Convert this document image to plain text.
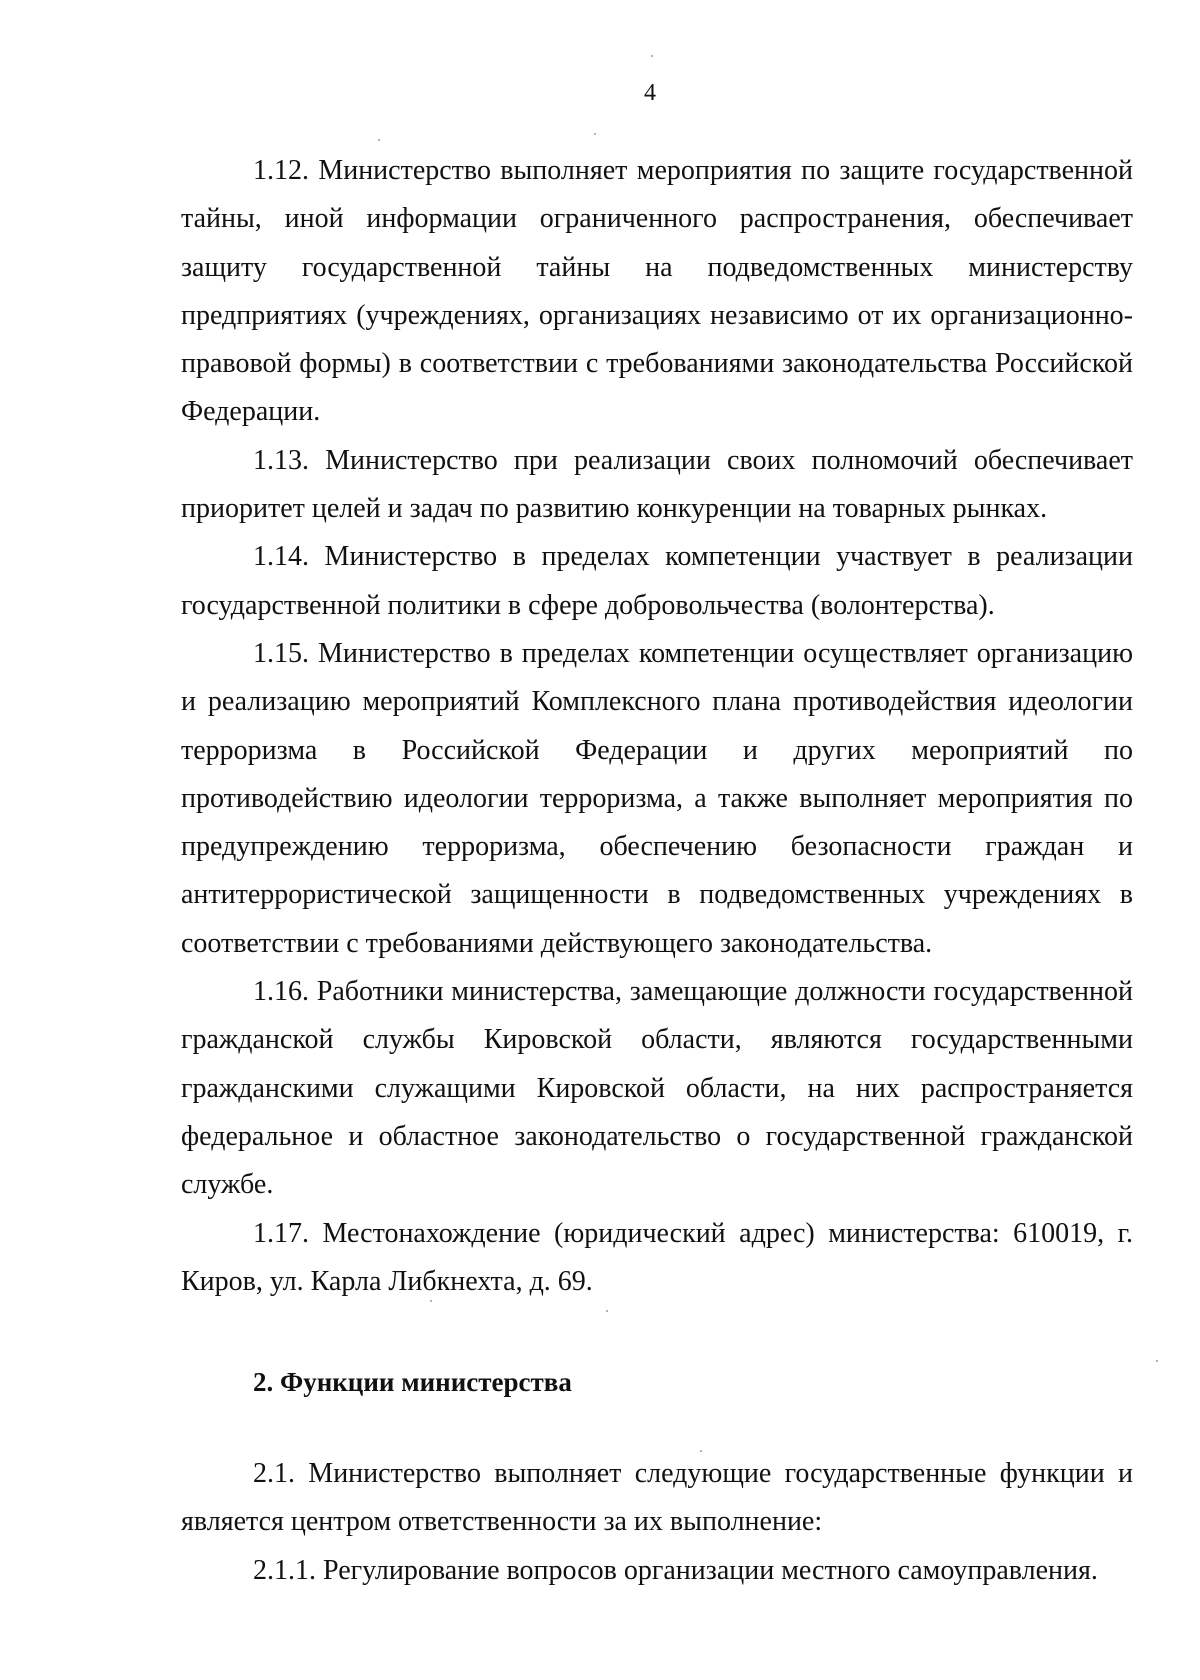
4

1.12. Министерство выполняет мероприятия по защите государственной тайны, иной информации ограниченного распространения, обеспечивает защиту государственной тайны на подведомственных министерству предприятиях (учреждениях, организациях независимо от их организационно-правовой формы) в соответствии с требованиями законодательства Российской Федерации.

1.13. Министерство при реализации своих полномочий обеспечивает приоритет целей и задач по развитию конкуренции на товарных рынках.

1.14. Министерство в пределах компетенции участвует в реализации государственной политики в сфере добровольчества (волонтерства).

1.15. Министерство в пределах компетенции осуществляет организацию и реализацию мероприятий Комплексного плана противодействия идеологии терроризма в Российской Федерации и других мероприятий по противодействию идеологии терроризма, а также выполняет мероприятия по предупреждению терроризма, обеспечению безопасности граждан и антитеррористической защищенности в подведомственных учреждениях в соответствии с требованиями действующего законодательства.

1.16. Работники министерства, замещающие должности государственной гражданской службы Кировской области, являются государственными гражданскими служащими Кировской области, на них распространяется федеральное и областное законодательство о государственной гражданской службе.

1.17. Местонахождение (юридический адрес) министерства: 610019, г. Киров, ул. Карла Либкнехта, д. 69.

2. Функции министерства

2.1. Министерство выполняет следующие государственные функции и является центром ответственности за их выполнение:

2.1.1. Регулирование вопросов организации местного самоуправления.
